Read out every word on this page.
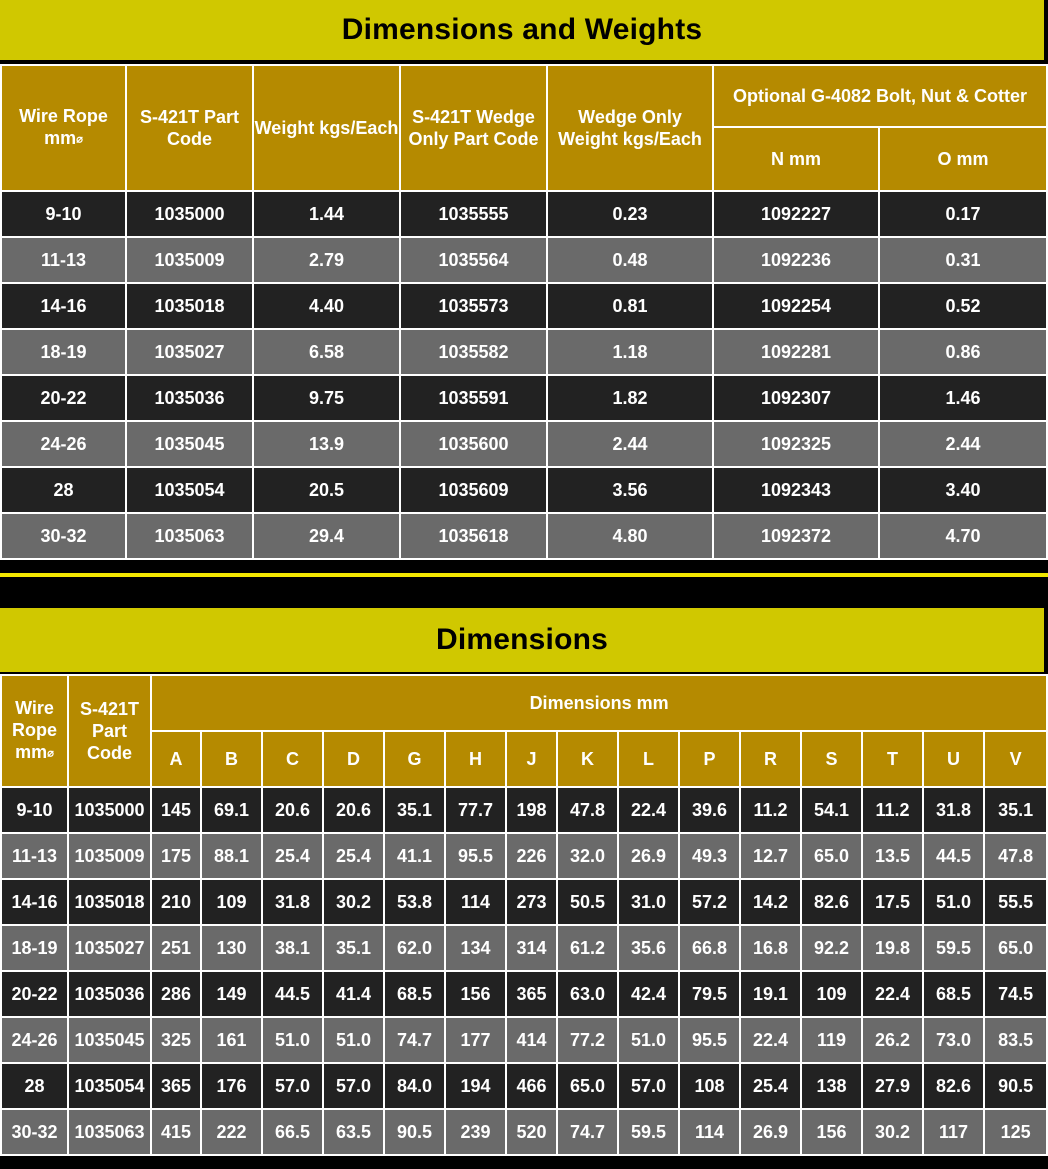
Dimensions and Weights
Wire Rope mm⌀	S-421T Part Code	Weight kgs/Each	S-421T Wedge Only Part Code	Wedge Only Weight kgs/Each	Optional G-4082 Bolt, Nut & Cotter	
					N mm	O mm
9-10	1035000	1.44	1035555	0.23	1092227	0.17
11-13	1035009	2.79	1035564	0.48	1092236	0.31
14-16	1035018	4.40	1035573	0.81	1092254	0.52
18-19	1035027	6.58	1035582	1.18	1092281	0.86
20-22	1035036	9.75	1035591	1.82	1092307	1.46
24-26	1035045	13.9	1035600	2.44	1092325	2.44
28	1035054	20.5	1035609	3.56	1092343	3.40
30-32	1035063	29.4	1035618	4.80	1092372	4.70
Dimensions
Wire Rope mm⌀	S-421T Part Code	Dimensions mm														
		A	B	C	D	G	H	J	K	L	P	R	S	T	U	V
9-10	1035000	145	69.1	20.6	20.6	35.1	77.7	198	47.8	22.4	39.6	11.2	54.1	11.2	31.8	35.1
11-13	1035009	175	88.1	25.4	25.4	41.1	95.5	226	32.0	26.9	49.3	12.7	65.0	13.5	44.5	47.8
14-16	1035018	210	109	31.8	30.2	53.8	114	273	50.5	31.0	57.2	14.2	82.6	17.5	51.0	55.5
18-19	1035027	251	130	38.1	35.1	62.0	134	314	61.2	35.6	66.8	16.8	92.2	19.8	59.5	65.0
20-22	1035036	286	149	44.5	41.4	68.5	156	365	63.0	42.4	79.5	19.1	109	22.4	68.5	74.5
24-26	1035045	325	161	51.0	51.0	74.7	177	414	77.2	51.0	95.5	22.4	119	26.2	73.0	83.5
28	1035054	365	176	57.0	57.0	84.0	194	466	65.0	57.0	108	25.4	138	27.9	82.6	90.5
30-32	1035063	415	222	66.5	63.5	90.5	239	520	74.7	59.5	114	26.9	156	30.2	117	125
